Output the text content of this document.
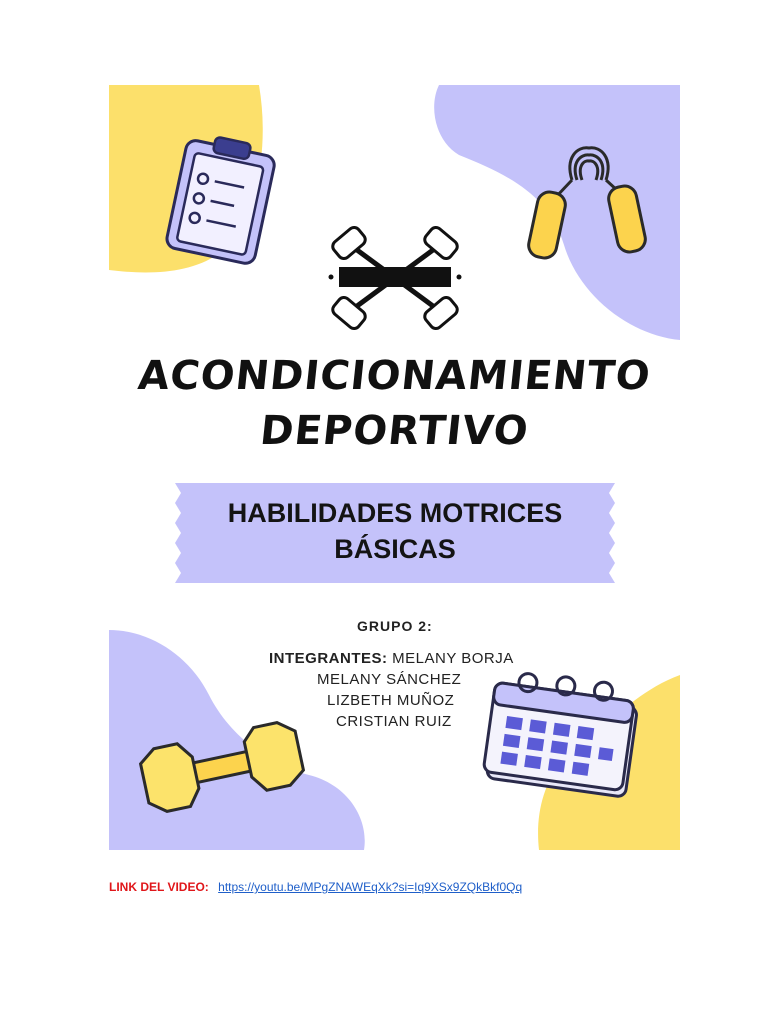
ACONDICIONAMIENTO
DEPORTIVO
HABILIDADES MOTRICES
BÁSICAS
GRUPO 2:
INTEGRANTES: MELANY BORJA
MELANY SÁNCHEZ
LIZBETH MUÑOZ
CRISTIAN RUIZ
LINK DEL VIDEO: https://youtu.be/MPgZNAWEqXk?si=Iq9XSx9ZQkBkf0Qq
